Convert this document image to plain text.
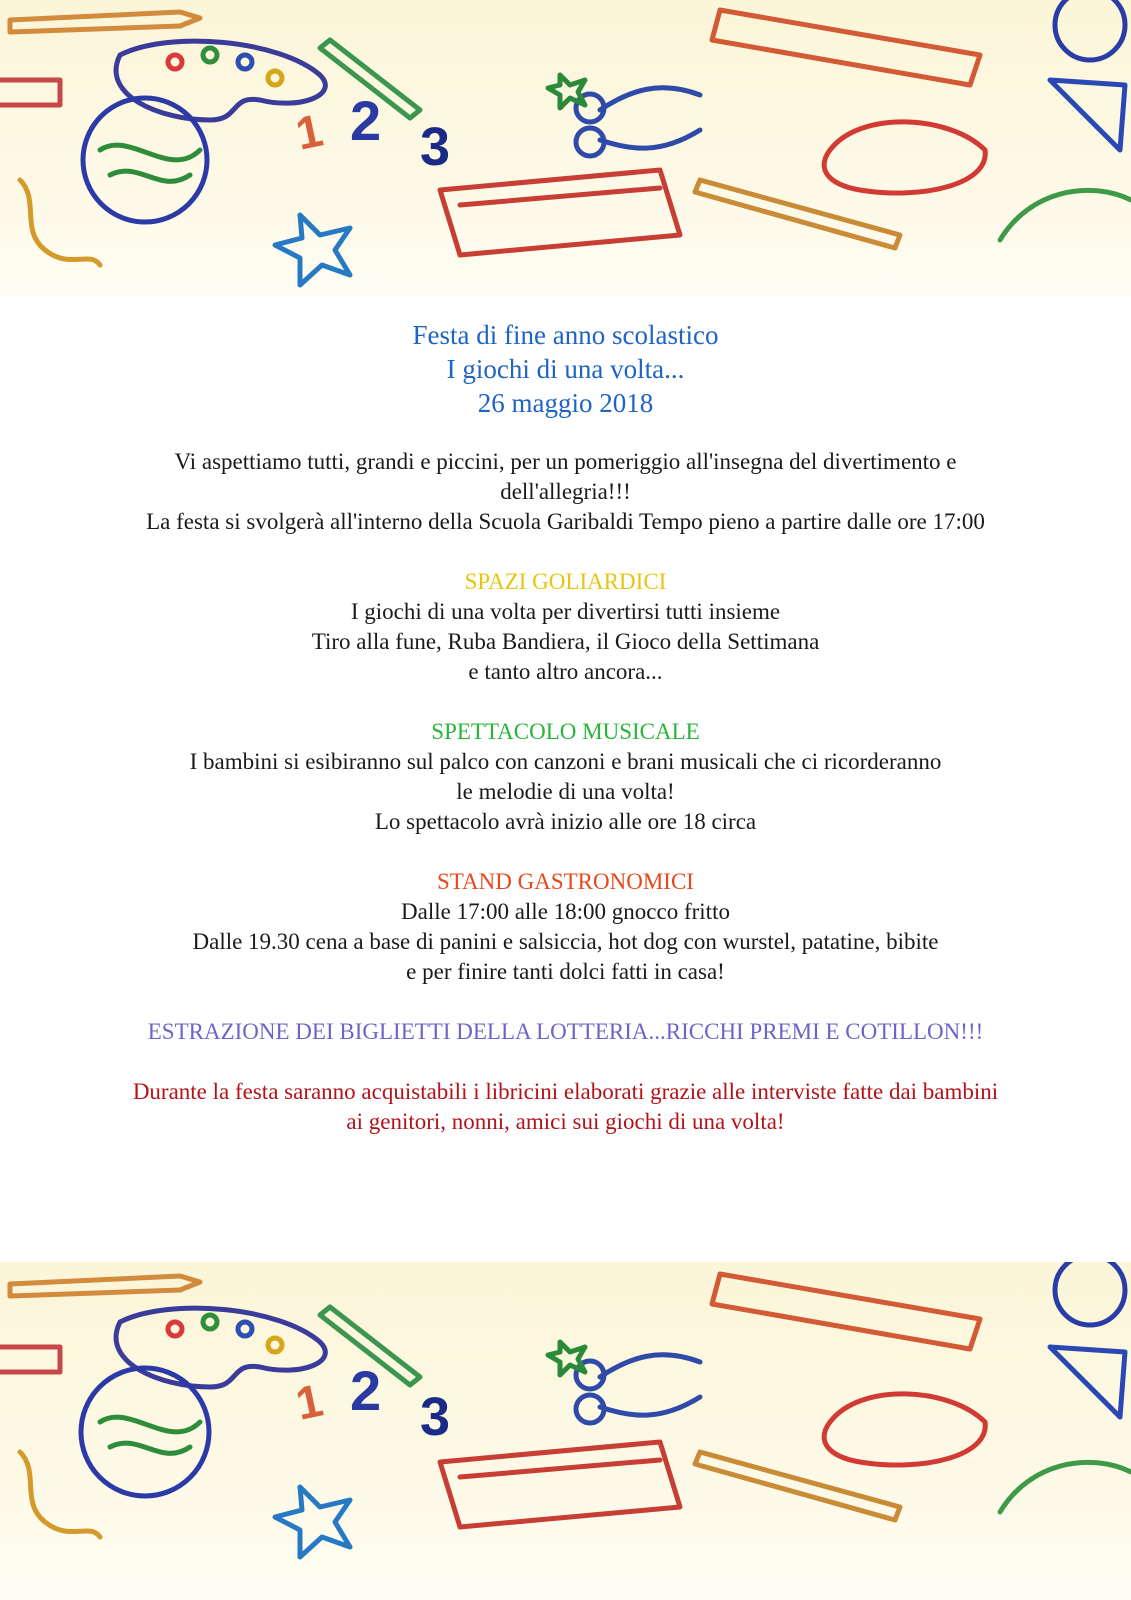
1 2 3
1 2 3
Festa di fine anno scolastico
I giochi di una volta...
26 maggio 2018
Vi aspettiamo tutti, grandi e piccini, per un pomeriggio all'insegna del divertimento e
dell'allegria!!!
La festa si svolgerà all'interno della Scuola Garibaldi Tempo pieno a partire dalle ore 17:00
SPAZI GOLIARDICI
I giochi di una volta per divertirsi tutti insieme
Tiro alla fune, Ruba Bandiera, il Gioco della Settimana
e tanto altro ancora...
SPETTACOLO MUSICALE
I bambini si esibiranno sul palco con canzoni e brani musicali che ci ricorderanno
le melodie di una volta!
Lo spettacolo avrà inizio alle ore 18 circa
STAND GASTRONOMICI
Dalle 17:00 alle 18:00 gnocco fritto
Dalle 19.30 cena a base di panini e salsiccia, hot dog con wurstel, patatine, bibite
e per finire tanti dolci fatti in casa!
ESTRAZIONE DEI BIGLIETTI DELLA LOTTERIA...RICCHI PREMI E COTILLON!!!
Durante la festa saranno acquistabili i libricini elaborati grazie alle interviste fatte dai bambini
ai genitori, nonni, amici sui giochi di una volta!
